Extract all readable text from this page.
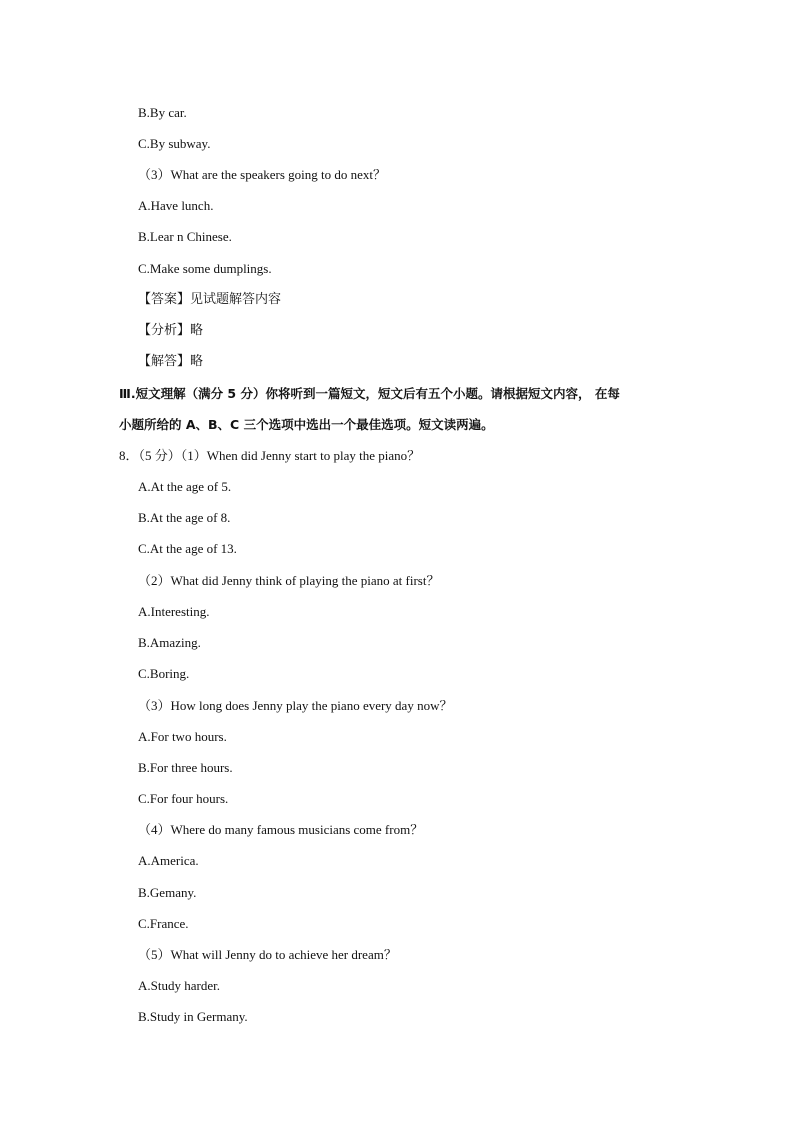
B.By car.
C.By subway.
（3）What are the speakers going to do next？
A.Have lunch.
B.Lear n Chinese.
C.Make some dumplings.
【答案】见试题解答内容
【分析】略
【解答】略
Ⅲ.短文理解（满分 5 分）你将听到一篇短文，短文后有五个小题。请根据短文内容， 在每
小题所给的 A、B、C 三个选项中选出一个最佳选项。短文读两遍。
8．（5 分）（1）When did Jenny start to play the piano？
A.At the age of 5.
B.At the age of 8.
C.At the age of 13.
（2）What did Jenny think of playing the piano at first？
A.Interesting.
B.Amazing.
C.Boring.
（3）How long does Jenny play the piano every day now？
A.For two hours.
B.For three hours.
C.For four hours.
（4）Where do many famous musicians come from？
A.America.
B.Gemany.
C.France.
（5）What will Jenny do to achieve her dream？
A.Study harder.
B.Study in Germany.
